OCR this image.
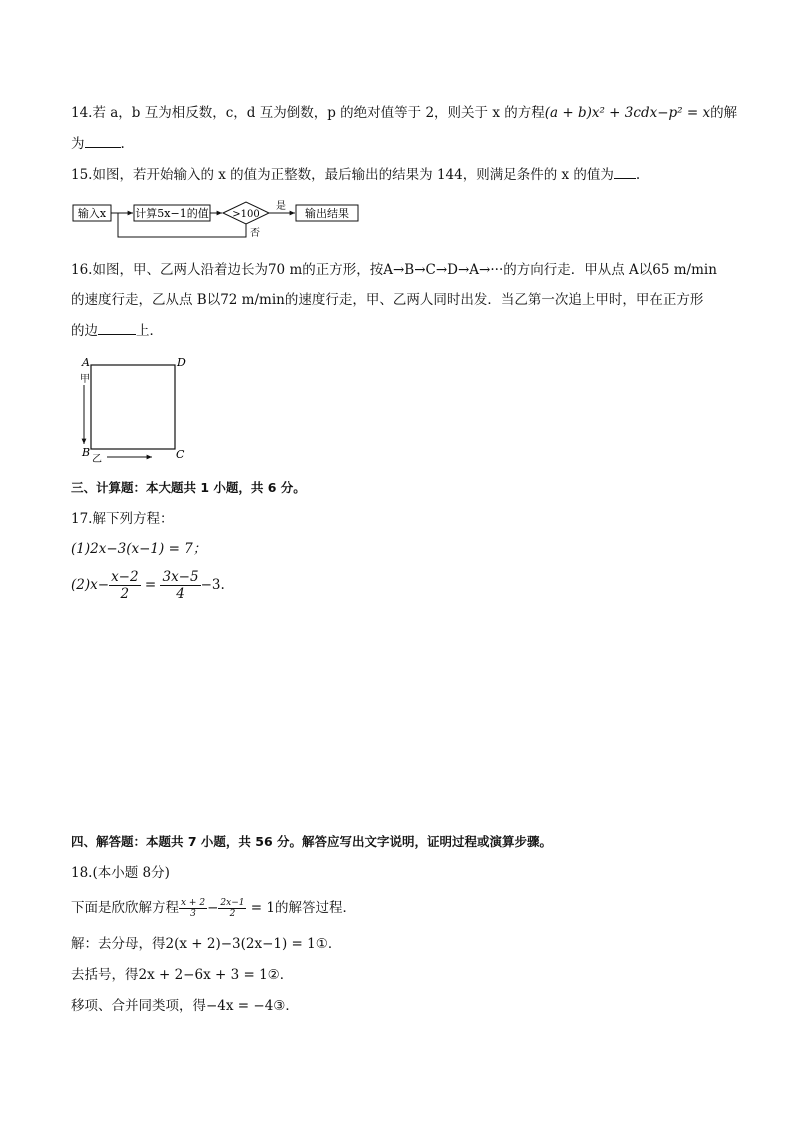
14.若 a，b 互为相反数，c，d 互为倒数，p 的绝对值等于 2，则关于 x 的方程(a + b)x² + 3cdx−p² = x的解
为	.
15.如图，若开始输入的 x 的值为正整数，最后输出的结果为 144，则满足条件的 x 的值为 .
输入x	计算5x−1的值 >100
是
输出结果
否
16.如图，甲、乙两人沿着边长为70 m的正方形，按A→B→C→D→A→···的方向行走．甲从点 A以65 m/min
的速度行走，乙从点 B以72 m/min的速度行走，甲、乙两人同时出发．当乙第一次追上甲时，甲在正方形
的边	上．
A	D
B	C
甲
乙
三、计算题：本大题共 1 小题，共 6 分。
17.解下列方程：
(1)2x−3(x−1) = 7；
$(2)x- \frac{x-2}{2} = \frac{3x-5}{4} -3$.
四、解答题：本题共 7 小题，共 56 分。解答应写出文字说明，证明过程或演算步骤。
18.(本小题 8分)
下面是欣欣解方程 $\frac{x + 2}{3} - \frac{2x-1}{2} = 1$的解答过程．
解：去分母，得2(x + 2)−3(2x−1) = 1①．
去括号，得2x + 2−6x + 3 = 1②．
移项、合并同类项，得−4x = −4③．
